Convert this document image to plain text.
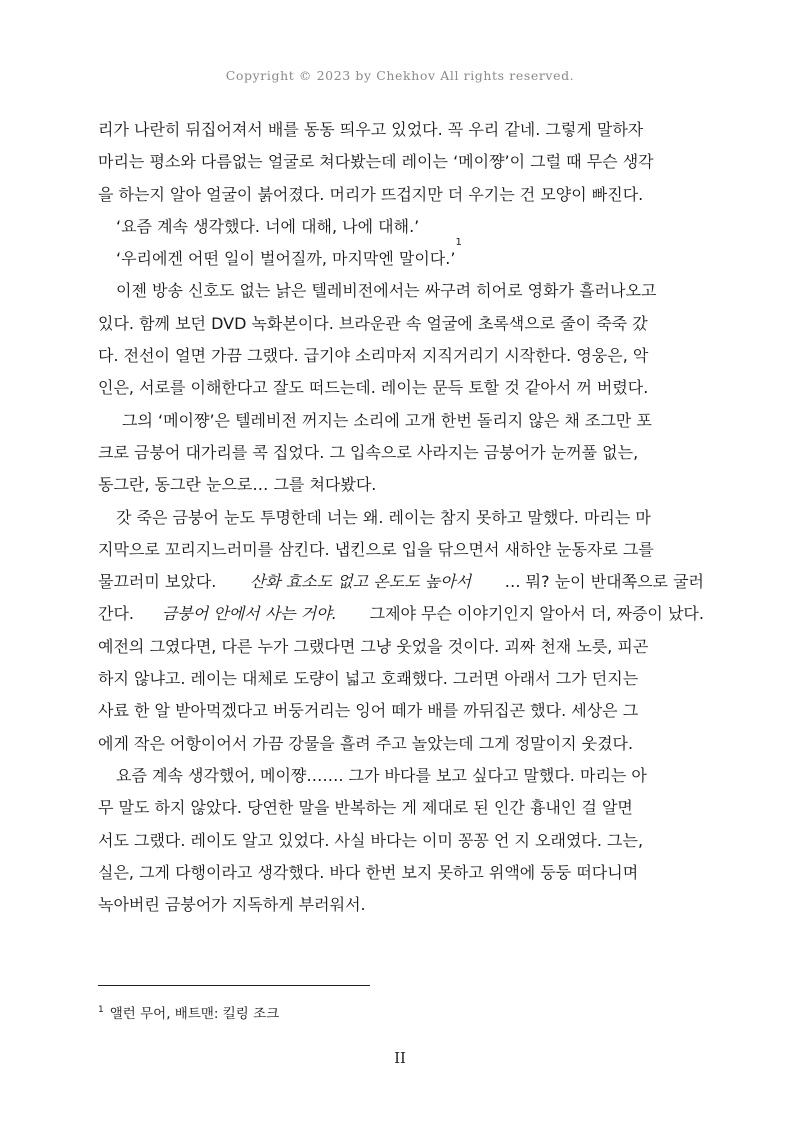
Copyright © 2023 by Chekhov All rights reserved.
리가 나란히 뒤집어져서 배를 동동 띄우고 있었다. 꼭 우리 같네. 그렇게 말하자
마리는 평소와 다름없는 얼굴로 쳐다봤는데 레이는 ‘메이쨩’이 그럴 때 무슨 생각
을 하는지 알아 얼굴이 붉어졌다. 머리가 뜨겁지만 더 우기는 건 모양이 빠진다.
‘요즘 계속 생각했다. 너에 대해, 나에 대해.’
‘우리에겐 어떤 일이 벌어질까, 마지막엔 말이다.’
1
이젠 방송 신호도 없는 낡은 텔레비전에서는 싸구려 히어로 영화가 흘러나오고
있다. 함께 보던 DVD 녹화본이다. 브라운관 속 얼굴에 초록색으로 줄이 죽죽 갔
다. 전선이 얼면 가끔 그랬다. 급기야 소리마저 지직거리기 시작한다. 영웅은, 악
인은, 서로를 이해한다고 잘도 떠드는데. 레이는 문득 토할 것 같아서 꺼 버렸다.
그의 ‘메이쨩’은 텔레비전 꺼지는 소리에 고개 한번 돌리지 않은 채 조그만 포
크로 금붕어 대가리를 콕 집었다. 그 입속으로 사라지는 금붕어가 눈꺼풀 없는,
동그란, 동그란 눈으로… 그를 쳐다봤다.
갓 죽은 금붕어 눈도 투명한데 너는 왜. 레이는 참지 못하고 말했다. 마리는 마
지막으로 꼬리지느러미를 삼킨다. 냅킨으로 입을 닦으면서 새하얀 눈동자로 그를
물끄러미 보았다. 산화 효소도 없고 온도도 높아서 … 뭐? 눈이 반대쪽으로 굴러
간다. 금붕어 안에서 사는 거야. 그제야 무슨 이야기인지 알아서 더, 짜증이 났다.
예전의 그였다면, 다른 누가 그랬다면 그냥 웃었을 것이다. 괴짜 천재 노릇, 피곤
하지 않냐고. 레이는 대체로 도량이 넓고 호쾌했다. 그러면 아래서 그가 던지는
사료 한 알 받아먹겠다고 버둥거리는 잉어 떼가 배를 까뒤집곤 했다. 세상은 그
에게 작은 어항이어서 가끔 강물을 흘려 주고 놀았는데 그게 정말이지 웃겼다.
요즘 계속 생각했어, 메이쨩……. 그가 바다를 보고 싶다고 말했다. 마리는 아
무 말도 하지 않았다. 당연한 말을 반복하는 게 제대로 된 인간 흉내인 걸 알면
서도 그랬다. 레이도 알고 있었다. 사실 바다는 이미 꽁꽁 언 지 오래였다. 그는,
실은, 그게 다행이라고 생각했다. 바다 한번 보지 못하고 위액에 둥둥 떠다니며
녹아버린 금붕어가 지독하게 부러워서.
$^1$ 앨런 무어, 배트맨: 킬링 조크
II
